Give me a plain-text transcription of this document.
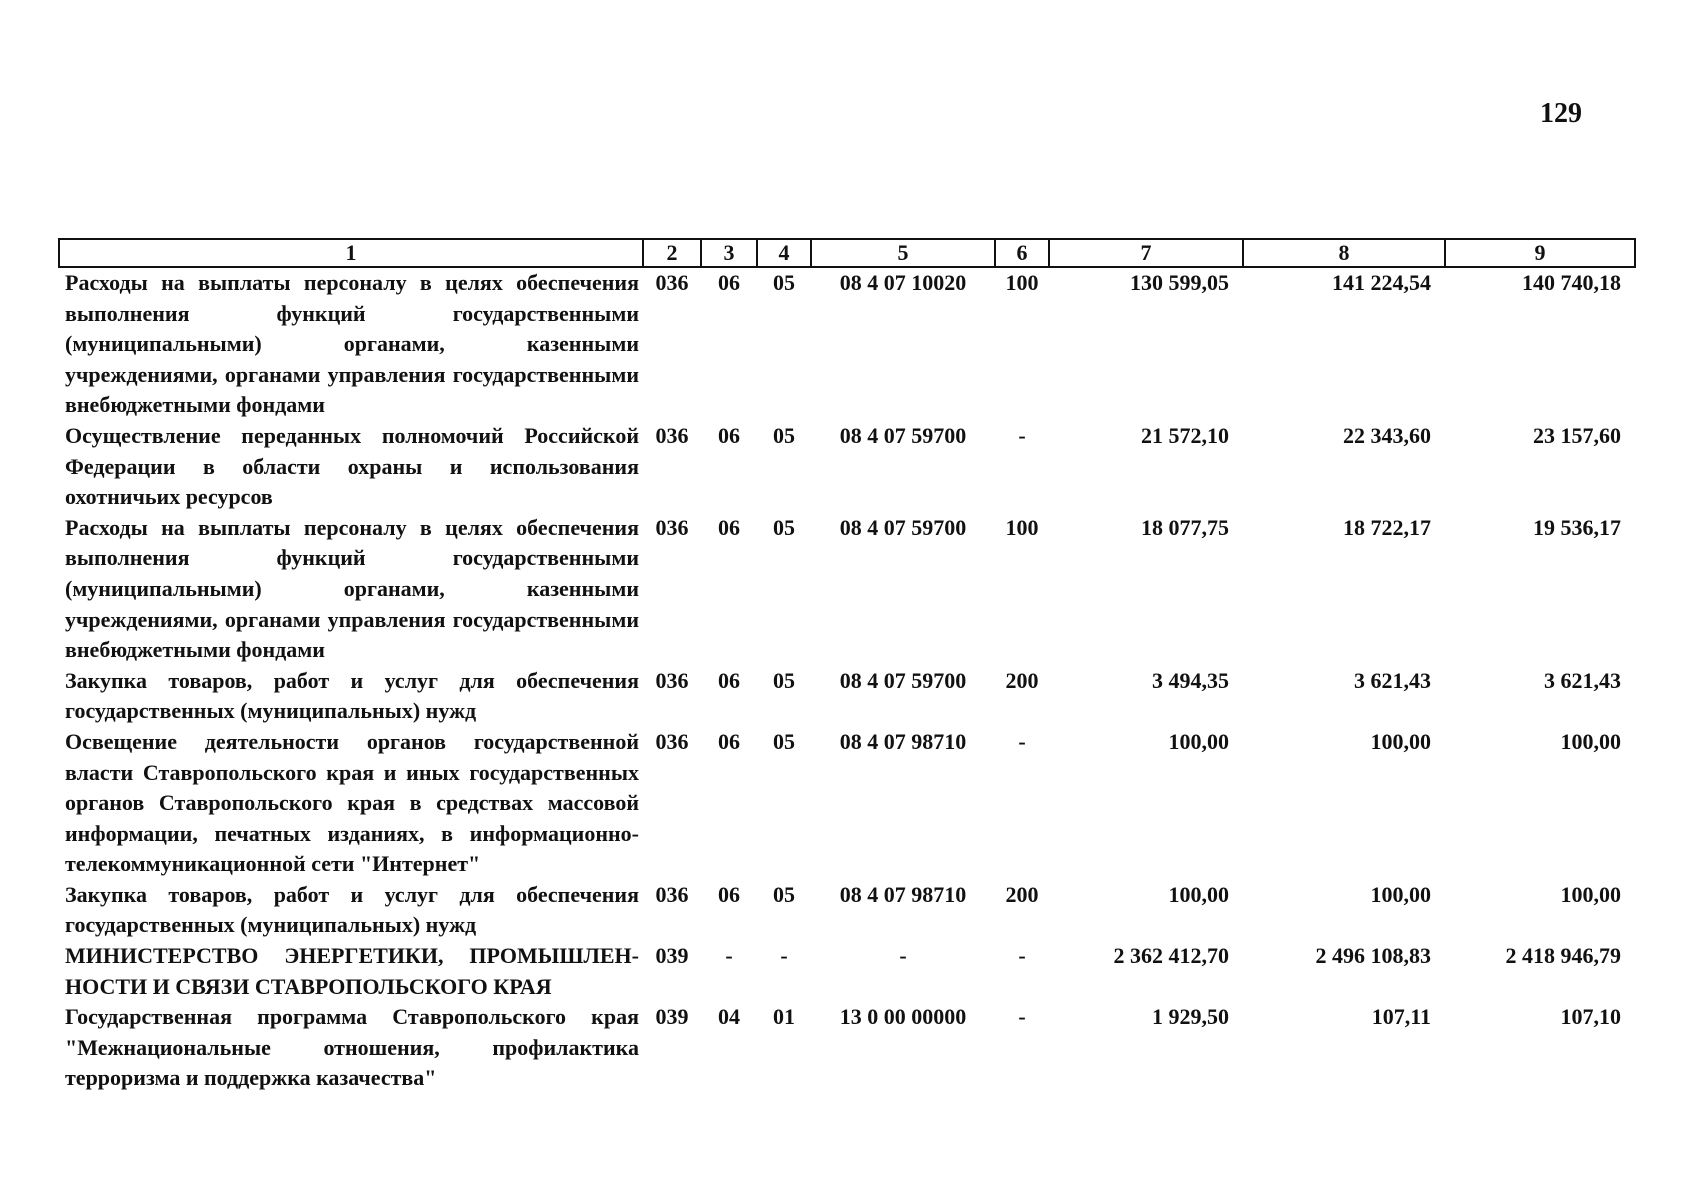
129
1	2	3	4	5	6	7	8	9
Расходы на выплаты персоналу в целях обеспечения выполнения функций государственными (муниципальными) органами, казенными учреждениями, органами управления государственными внебюджетными фондами	036	06	05	08 4 07 10020	100	130 599,05	141 224,54	140 740,18
Осуществление переданных полномочий Российской Федерации в области охраны и использования охотничьих ресурсов	036	06	05	08 4 07 59700	-	21 572,10	22 343,60	23 157,60
Расходы на выплаты персоналу в целях обеспечения выполнения функций государственными (муниципальными) органами, казенными учреждениями, органами управления государственными внебюджетными фондами	036	06	05	08 4 07 59700	100	18 077,75	18 722,17	19 536,17
Закупка товаров, работ и услуг для обеспечения государственных (муниципальных) нужд	036	06	05	08 4 07 59700	200	3 494,35	3 621,43	3 621,43
Освещение деятельности органов государственной власти Ставропольского края и иных государственных органов Ставропольского края в средствах массовой информации, печатных изданиях, в информационно-телекоммуникационной сети "Интернет"	036	06	05	08 4 07 98710	-	100,00	100,00	100,00
Закупка товаров, работ и услуг для обеспечения государственных (муниципальных) нужд	036	06	05	08 4 07 98710	200	100,00	100,00	100,00
МИНИСТЕРСТВО ЭНЕРГЕТИКИ, ПРОМЫШЛЕН-НОСТИ И СВЯЗИ СТАВРОПОЛЬСКОГО КРАЯ	039	-	-	-	-	2 362 412,70	2 496 108,83	2 418 946,79
Государственная программа Ставропольского края "Межнациональные отношения, профилактика терроризма и поддержка казачества"	039	04	01	13 0 00 00000	-	1 929,50	107,11	107,10
